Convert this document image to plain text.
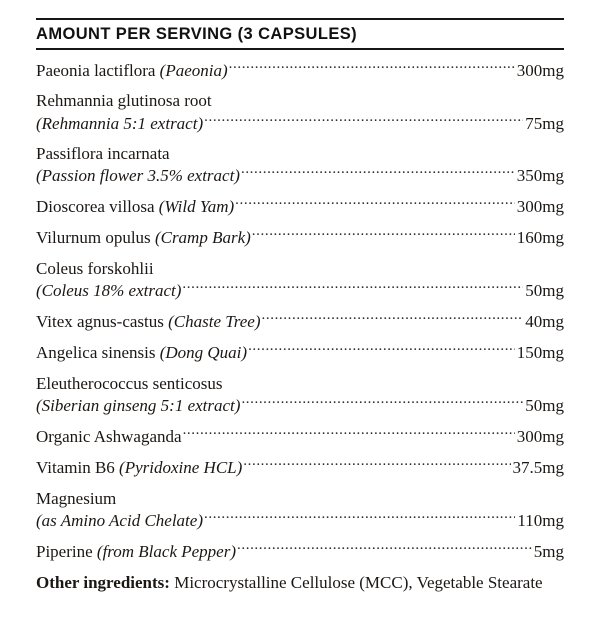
AMOUNT PER SERVING (3 CAPSULES)
Paeonia lactiflora (Paeonia) .....	300mg
Rehmannia glutinosa root
(Rehmannia 5:1 extract) .....	75mg
Passiflora incarnata
(Passion flower 3.5% extract) .....	350mg
Dioscorea villosa (Wild Yam) .....	300mg
Vilurnum opulus (Cramp Bark) .....	160mg
Coleus forskohlii
(Coleus 18% extract) .....	50mg
Vitex agnus-castus (Chaste Tree) .....	40mg
Angelica sinensis (Dong Quai) .....	150mg
Eleutherococcus senticosus
(Siberian ginseng 5:1 extract) .....	50mg
Organic Ashwaganda .....	300mg
Vitamin B6 (Pyridoxine HCL) .....	37.5mg
Magnesium
(as Amino Acid Chelate) .....	110mg
Piperine (from Black Pepper) .....	5mg
Other ingredients: Microcrystalline Cellulose (MCC), Vegetable Stearate
